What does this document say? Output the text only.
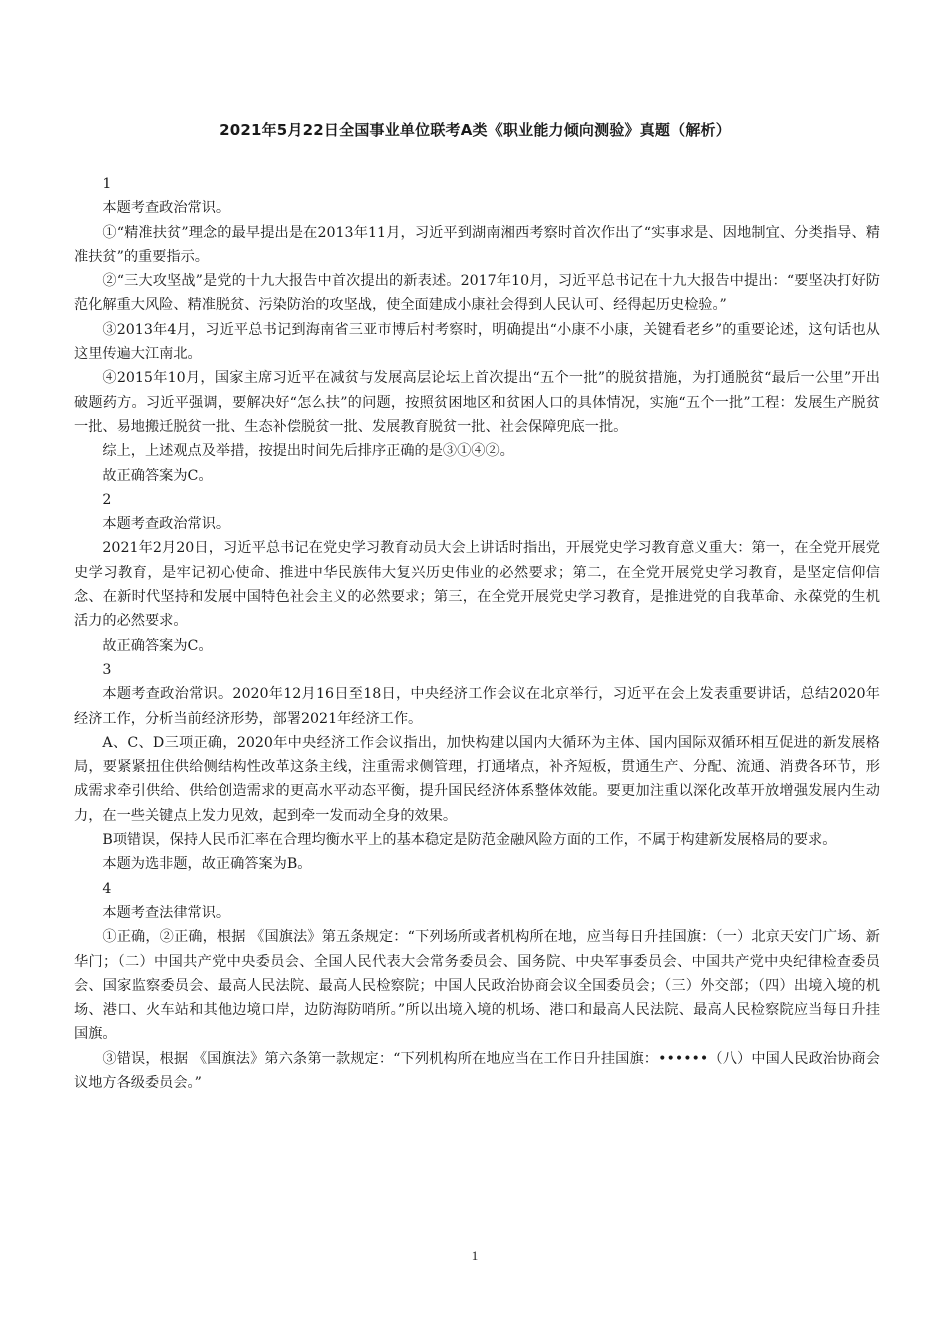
2021年5月22日全国事业单位联考A类《职业能力倾向测验》真题（解析）

1

本题考查政治常识。

①“精准扶贫”理念的最早提出是在2013年11月，习近平到湖南湘西考察时首次作出了“实事求是、因地制宜、分类指导、精准扶贫”的重要指示。

②“三大攻坚战”是党的十九大报告中首次提出的新表述。2017年10月，习近平总书记在十九大报告中提出：“要坚决打好防范化解重大风险、精准脱贫、污染防治的攻坚战，使全面建成小康社会得到人民认可、经得起历史检验。”

③2013年4月，习近平总书记到海南省三亚市博后村考察时，明确提出“小康不小康，关键看老乡”的重要论述，这句话也从这里传遍大江南北。

④2015年10月，国家主席习近平在减贫与发展高层论坛上首次提出“五个一批”的脱贫措施，为打通脱贫“最后一公里”开出破题药方。习近平强调，要解决好“怎么扶”的问题，按照贫困地区和贫困人口的具体情况，实施“五个一批”工程：发展生产脱贫一批、易地搬迁脱贫一批、生态补偿脱贫一批、发展教育脱贫一批、社会保障兜底一批。

综上，上述观点及举措，按提出时间先后排序正确的是③①④②。

故正确答案为C。

2

本题考查政治常识。

2021年2月20日，习近平总书记在党史学习教育动员大会上讲话时指出，开展党史学习教育意义重大：第一，在全党开展党史学习教育，是牢记初心使命、推进中华民族伟大复兴历史伟业的必然要求；第二，在全党开展党史学习教育，是坚定信仰信念、在新时代坚持和发展中国特色社会主义的必然要求；第三，在全党开展党史学习教育，是推进党的自我革命、永葆党的生机活力的必然要求。

故正确答案为C。

3

本题考查政治常识。2020年12月16日至18日，中央经济工作会议在北京举行，习近平在会上发表重要讲话，总结2020年经济工作，分析当前经济形势，部署2021年经济工作。

A、C、D三项正确，2020年中央经济工作会议指出，加快构建以国内大循环为主体、国内国际双循环相互促进的新发展格局，要紧紧扭住供给侧结构性改革这条主线，注重需求侧管理，打通堵点，补齐短板，贯通生产、分配、流通、消费各环节，形成需求牵引供给、供给创造需求的更高水平动态平衡，提升国民经济体系整体效能。要更加注重以深化改革开放增强发展内生动力，在一些关键点上发力见效，起到牵一发而动全身的效果。

B项错误，保持人民币汇率在合理均衡水平上的基本稳定是防范金融风险方面的工作，不属于构建新发展格局的要求。

本题为选非题，故正确答案为B。

4

本题考查法律常识。

①正确，②正确，根据 《国旗法》第五条规定：“下列场所或者机构所在地，应当每日升挂国旗：（一）北京天安门广场、新华门；（二）中国共产党中央委员会、全国人民代表大会常务委员会、国务院、中央军事委员会、中国共产党中央纪律检查委员会、国家监察委员会、最高人民法院、最高人民检察院；中国人民政治协商会议全国委员会；（三）外交部；（四）出境入境的机场、港口、火车站和其他边境口岸，边防海防哨所。”所以出境入境的机场、港口和最高人民法院、最高人民检察院应当每日升挂国旗。

③错误，根据 《国旗法》第六条第一款规定：“下列机构所在地应当在工作日升挂国旗：••••••（八）中国人民政治协商会议地方各级委员会。”

1
